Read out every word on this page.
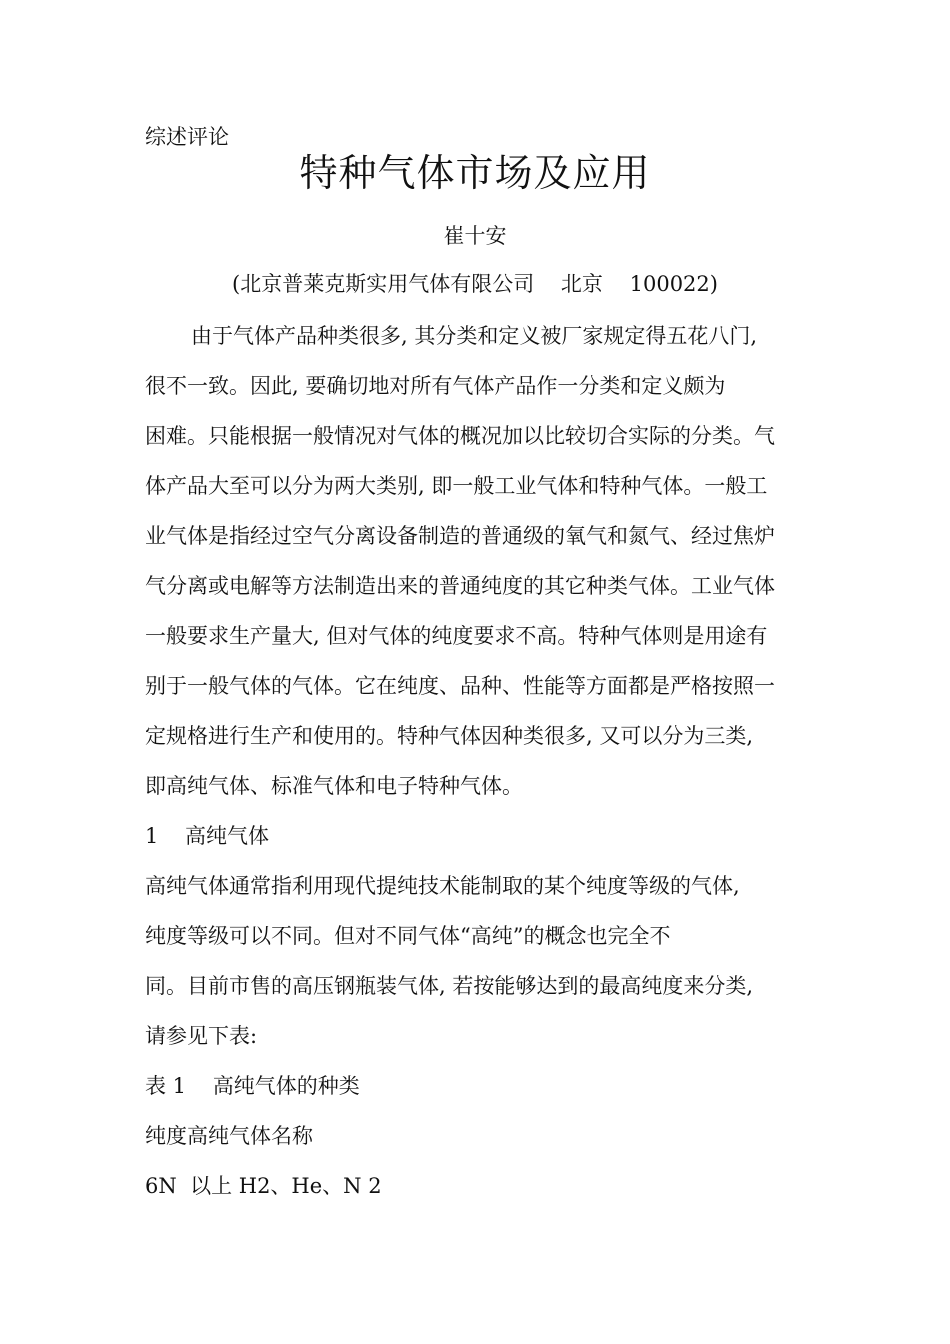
综述评论
特种气体市场及应用
崔十安
(北京普莱克斯实用气体有限公司    北京    100022)
由于气体产品种类很多, 其分类和定义被厂家规定得五花八门,
很不一致。因此, 要确切地对所有气体产品作一分类和定义颇为
困难。只能根据一般情况对气体的概况加以比较切合实际的分类。气
体产品大至可以分为两大类别, 即一般工业气体和特种气体。一般工
业气体是指经过空气分离设备制造的普通级的氧气和氮气、经过焦炉
气分离或电解等方法制造出来的普通纯度的其它种类气体。工业气体
一般要求生产量大, 但对气体的纯度要求不高。特种气体则是用途有
别于一般气体的气体。它在纯度、品种、性能等方面都是严格按照一
定规格进行生产和使用的。特种气体因种类很多, 又可以分为三类,
即高纯气体、标准气体和电子特种气体。
1    高纯气体
高纯气体通常指利用现代提纯技术能制取的某个纯度等级的气体,
纯度等级可以不同。但对不同气体“高纯”的概念也完全不
同。目前市售的高压钢瓶装气体, 若按能够达到的最高纯度来分类,
请参见下表:
表 1    高纯气体的种类
纯度高纯气体名称
6N  以上 H2、He、N 2
